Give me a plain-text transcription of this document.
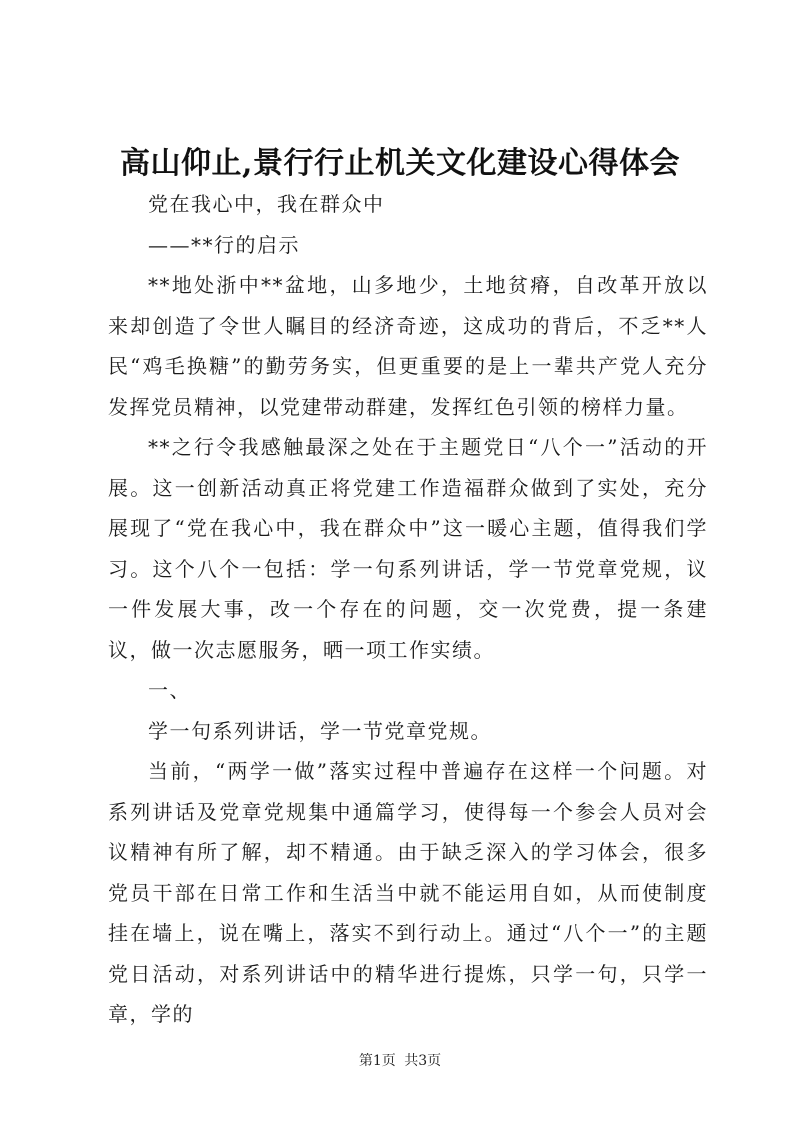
高山仰止,景行行止机关文化建设心得体会

党在我心中，我在群众中

——**行的启示

**地处浙中**盆地，山多地少，土地贫瘠，自改革开放以来却创造了令世人瞩目的经济奇迹，这成功的背后，不乏**人民“鸡毛换糖”的勤劳务实，但更重要的是上一辈共产党人充分发挥党员精神，以党建带动群建，发挥红色引领的榜样力量。

**之行令我感触最深之处在于主题党日“八个一”活动的开展。这一创新活动真正将党建工作造福群众做到了实处，充分展现了“党在我心中，我在群众中”这一暖心主题，值得我们学习。这个八个一包括：学一句系列讲话，学一节党章党规，议一件发展大事，改一个存在的问题，交一次党费，提一条建议，做一次志愿服务，晒一项工作实绩。

一、

学一句系列讲话，学一节党章党规。

当前，“两学一做”落实过程中普遍存在这样一个问题。对系列讲话及党章党规集中通篇学习，使得每一个参会人员对会议精神有所了解，却不精通。由于缺乏深入的学习体会，很多党员干部在日常工作和生活当中就不能运用自如，从而使制度挂在墙上，说在嘴上，落实不到行动上。通过“八个一”的主题党日活动，对系列讲话中的精华进行提炼，只学一句，只学一章，学的

第1页 共3页
